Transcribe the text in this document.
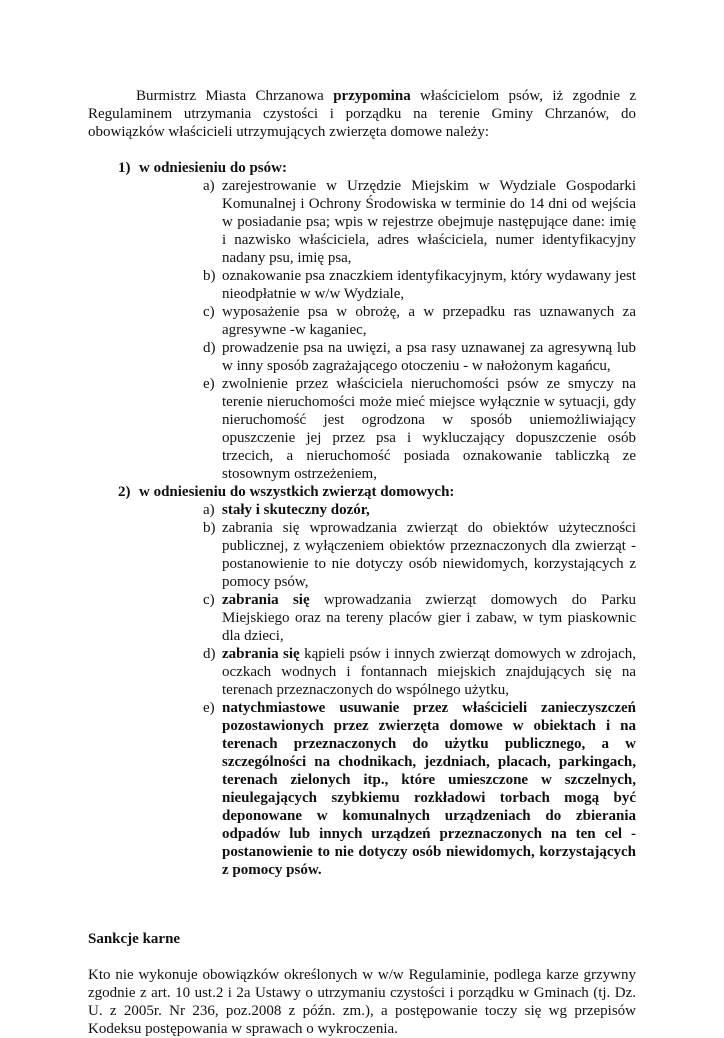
Burmistrz Miasta Chrzanowa przypomina właścicielom psów, iż zgodnie z Regulaminem utrzymania czystości i porządku na terenie Gminy Chrzanów, do obowiązków właścicieli utrzymujących zwierzęta domowe należy:

1) w odniesieniu do psów:
a) zarejestrowanie w Urzędzie Miejskim w Wydziale Gospodarki Komunalnej i Ochrony Środowiska w terminie do 14 dni od wejścia w posiadanie psa; wpis w rejestrze obejmuje następujące dane: imię i nazwisko właściciela, adres właściciela, numer identyfikacyjny nadany psu, imię psa,
b) oznakowanie psa znaczkiem identyfikacyjnym, który wydawany jest nieodpłatnie w w/w Wydziale,
c) wyposażenie psa w obrożę, a w przepadku ras uznawanych za agresywne -w kaganiec,
d) prowadzenie psa na uwięzi, a psa rasy uznawanej za agresywną lub w inny sposób zagrażającego otoczeniu - w nałożonym kagańcu,
e) zwolnienie przez właściciela nieruchomości psów ze smyczy na terenie nieruchomości może mieć miejsce wyłącznie w sytuacji, gdy nieruchomość jest ogrodzona w sposób uniemożliwiający opuszczenie jej przez psa i wykluczający dopuszczenie osób trzecich, a nieruchomość posiada oznakowanie tabliczką ze stosownym ostrzeżeniem,
2) w odniesieniu do wszystkich zwierząt domowych:
a) stały i skuteczny dozór,
b) zabrania się wprowadzania zwierząt do obiektów użyteczności publicznej, z wyłączeniem obiektów przeznaczonych dla zwierząt - postanowienie to nie dotyczy osób niewidomych, korzystających z pomocy psów,
c) zabrania się wprowadzania zwierząt domowych do Parku Miejskiego oraz na tereny placów gier i zabaw, w tym piaskownic dla dzieci,
d) zabrania się kąpieli psów i innych zwierząt domowych w zdrojach, oczkach wodnych i fontannach miejskich znajdujących się na terenach przeznaczonych do wspólnego użytku,
e) natychmiastowe usuwanie przez właścicieli zanieczyszczeń pozostawionych przez zwierzęta domowe w obiektach i na terenach przeznaczonych do użytku publicznego, a w szczególności na chodnikach, jezdniach, placach, parkingach, terenach zielonych itp., które umieszczone w szczelnych, nieulegających szybkiemu rozkładowi torbach mogą być deponowane w komunalnych urządzeniach do zbierania odpadów lub innych urządzeń przeznaczonych na ten cel - postanowienie to nie dotyczy osób niewidomych, korzystających z pomocy psów.

Sankcje karne

Kto nie wykonuje obowiązków określonych w w/w Regulaminie, podlega karze grzywny zgodnie z art. 10 ust.2 i 2a Ustawy o utrzymaniu czystości i porządku w Gminach (tj. Dz. U. z 2005r. Nr 236, poz.2008 z późn. zm.), a postępowanie toczy się wg przepisów Kodeksu postępowania w sprawach o wykroczenia.
